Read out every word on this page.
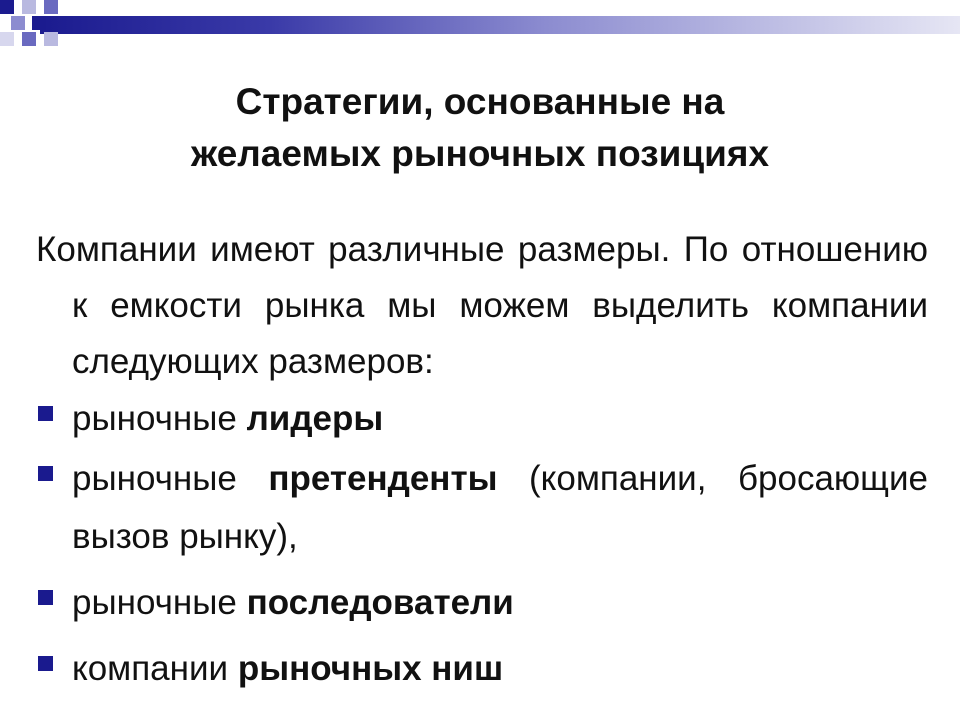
Стратегии, основанные на
желаемых рыночных позициях

Компании имеют различные размеры. По отношению к емкости рынка мы можем выделить компании следующих размеров:

рыночные лидеры
рыночные претенденты (компании, бросающие вызов рынку),
рыночные последователи
компании рыночных ниш
